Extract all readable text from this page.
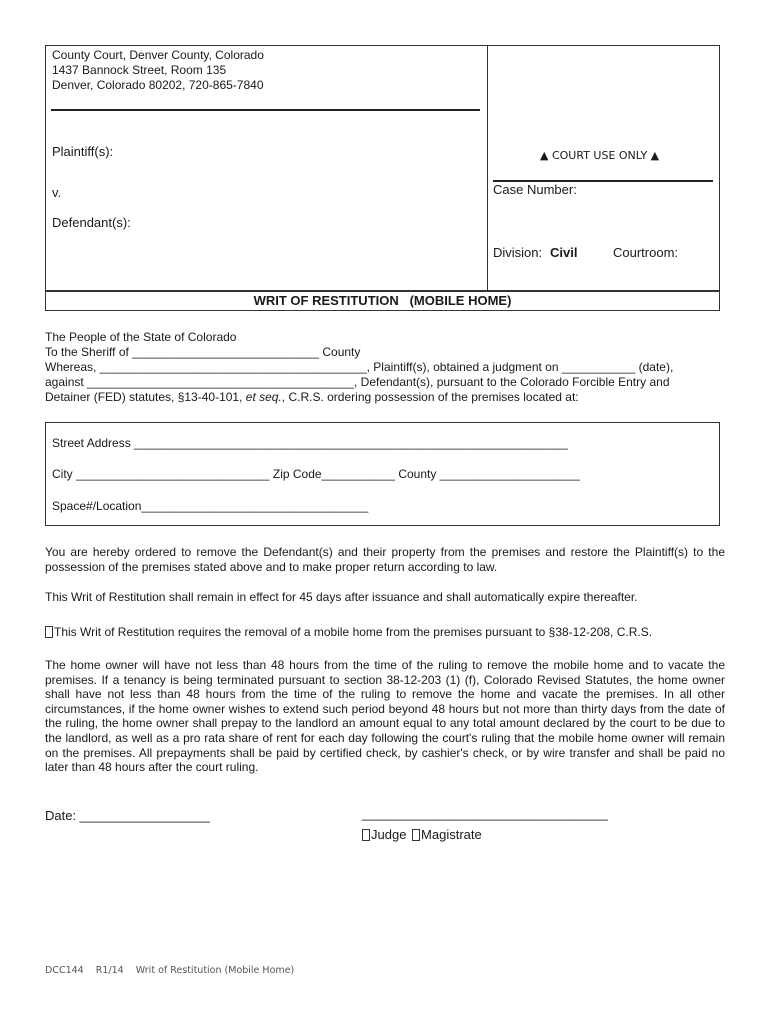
County Court, Denver County, Colorado
1437 Bannock Street, Room 135
Denver, Colorado 80202, 720-865-7840
Plaintiff(s):
v.
Defendant(s):
▲ COURT USE ONLY ▲
Case Number:
Division: Civil	Courtroom:
WRIT OF RESTITUTION   (MOBILE HOME)
The People of the State of Colorado
To the Sheriff of ____________________________ County
Whereas, ________________________________________, Plaintiff(s), obtained a judgment on ___________ (date),
against ________________________________________, Defendant(s), pursuant to the Colorado Forcible Entry and
Detainer (FED) statutes, §13-40-101, et seq., C.R.S. ordering possession of the premises located at:
Street Address _________________________________________________________________
City _____________________________ Zip Code___________ County _____________________
Space#/Location__________________________________
You are hereby ordered to remove the Defendant(s) and their property from the premises and restore the Plaintiff(s) to the possession of the premises stated above and to make proper return according to law.
This Writ of Restitution shall remain in effect for 45 days after issuance and shall automatically expire thereafter.
This Writ of Restitution requires the removal of a mobile home from the premises pursuant to §38-12-208, C.R.S.
The home owner will have not less than 48 hours from the time of the ruling to remove the mobile home and to vacate the premises. If a tenancy is being terminated pursuant to section 38-12-203 (1) (f), Colorado Revised Statutes, the home owner shall have not less than 48 hours from the time of the ruling to remove the home and vacate the premises. In all other circumstances, if the home owner wishes to extend such period beyond 48 hours but not more than thirty days from the date of the ruling, the home owner shall prepay to the landlord an amount equal to any total amount declared by the court to be due to the landlord, as well as a pro rata share of rent for each day following the court's ruling that the mobile home owner will remain on the premises. All prepayments shall be paid by certified check, by cashier's check, or by wire transfer and shall be paid no later than 48 hours after the court ruling.
Date: __________________	__________________________________
Judge Magistrate
DCC144    R1/14    Writ of Restitution (Mobile Home)
